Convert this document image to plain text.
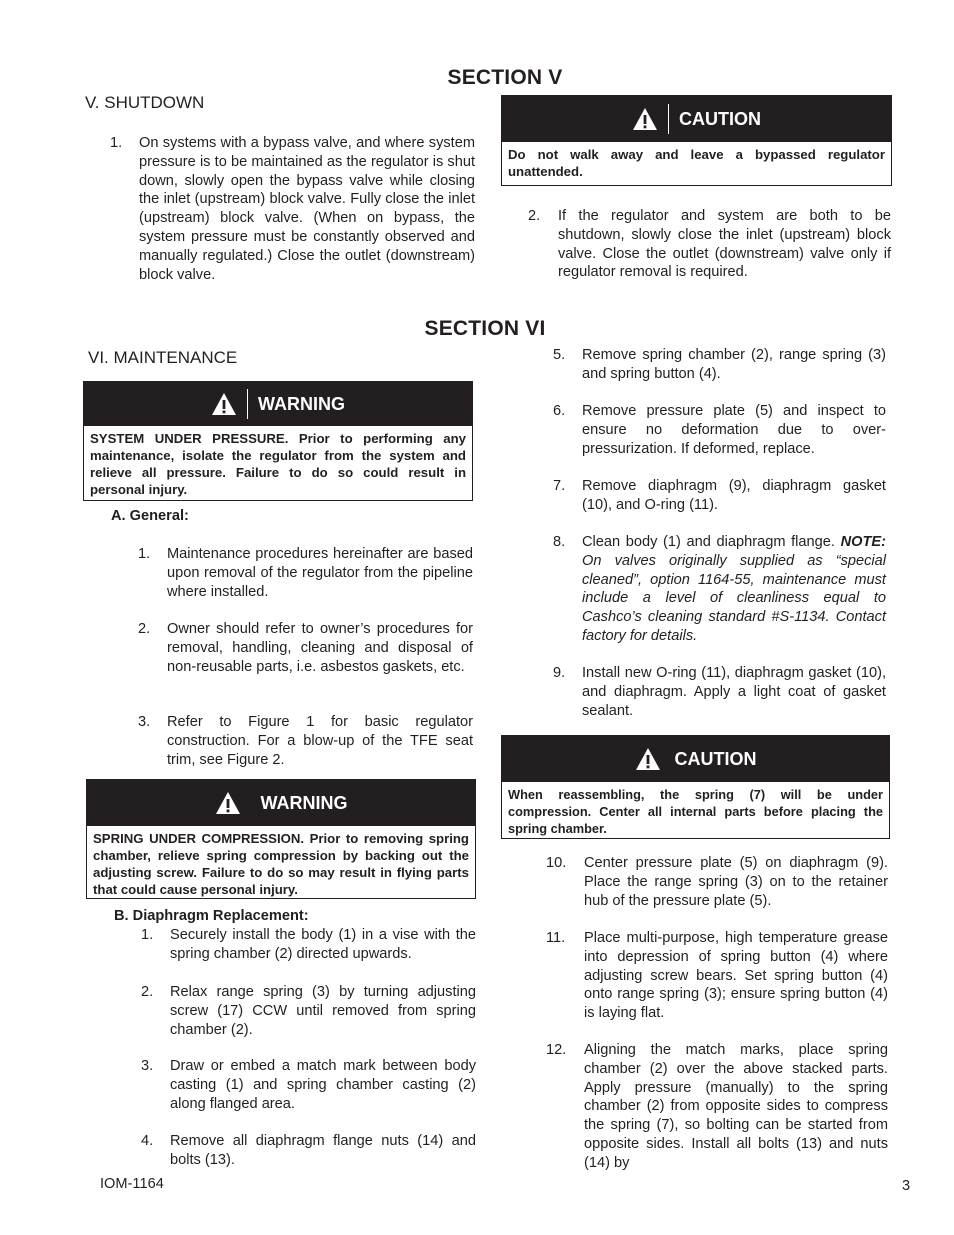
SECTION V
V. SHUTDOWN
1. On systems with a bypass valve, and where system pressure is to be maintained as the regulator is shut down, slowly open the bypass valve while closing the inlet (upstream) block valve. Fully close the inlet (upstream) block valve. (When on bypass, the system pressure must be constantly observed and manually regulated.) Close the outlet (downstream) block valve.
CAUTION
Do not walk away and leave a bypassed regulator unattended.
2. If the regulator and system are both to be shutdown, slowly close the inlet (upstream) block valve. Close the outlet (downstream) valve only if regulator removal is required.
SECTION VI
VI. MAINTENANCE
WARNING
SYSTEM UNDER PRESSURE. Prior to performing any maintenance, isolate the regulator from the system and relieve all pressure. Failure to do so could result in personal injury.
A. General:
1. Maintenance procedures hereinafter are based upon removal of the regulator from the pipeline where installed.
2. Owner should refer to owner’s procedures for removal, handling, cleaning and disposal of non-reusable parts, i.e. asbestos gaskets, etc.
3. Refer to Figure 1 for basic regulator construction. For a blow-up of the TFE seat trim, see Figure 2.
WARNING
SPRING UNDER COMPRESSION. Prior to removing spring chamber, relieve spring compression by backing out the adjusting screw. Failure to do so may result in flying parts that could cause personal injury.
B. Diaphragm Replacement:
1. Securely install the body (1) in a vise with the spring chamber (2) directed upwards.
2. Relax range spring (3) by turning adjusting screw (17) CCW until removed from spring chamber (2).
3. Draw or embed a match mark between body casting (1) and spring chamber casting (2) along flanged area.
4. Remove all diaphragm flange nuts (14) and bolts (13).
5. Remove spring chamber (2), range spring (3) and spring button (4).
6. Remove pressure plate (5) and inspect to ensure no deformation due to over-pressurization. If deformed, replace.
7. Remove diaphragm (9), diaphragm gasket (10), and O-ring (11).
8. Clean body (1) and diaphragm flange. NOTE: On valves originally supplied as “special cleaned”, option 1164-55, maintenance must include a level of cleanliness equal to Cashco’s cleaning standard #S-1134. Contact factory for details.
9. Install new O-ring (11), diaphragm gasket (10), and diaphragm. Apply a light coat of gasket sealant.
CAUTION
When reassembling, the spring (7) will be under compression. Center all internal parts before placing the spring chamber.
10. Center pressure plate (5) on diaphragm (9). Place the range spring (3) on to the retainer hub of the pressure plate (5).
11. Place multi-purpose, high temperature grease into depression of spring button (4) where adjusting screw bears. Set spring button (4) onto range spring (3); ensure spring button (4) is laying flat.
12. Aligning the match marks, place spring chamber (2) over the above stacked parts. Apply pressure (manually) to the spring chamber (2) from opposite sides to compress the spring (7), so bolting can be started from opposite sides. Install all bolts (13) and nuts (14) by
IOM-1164	3
